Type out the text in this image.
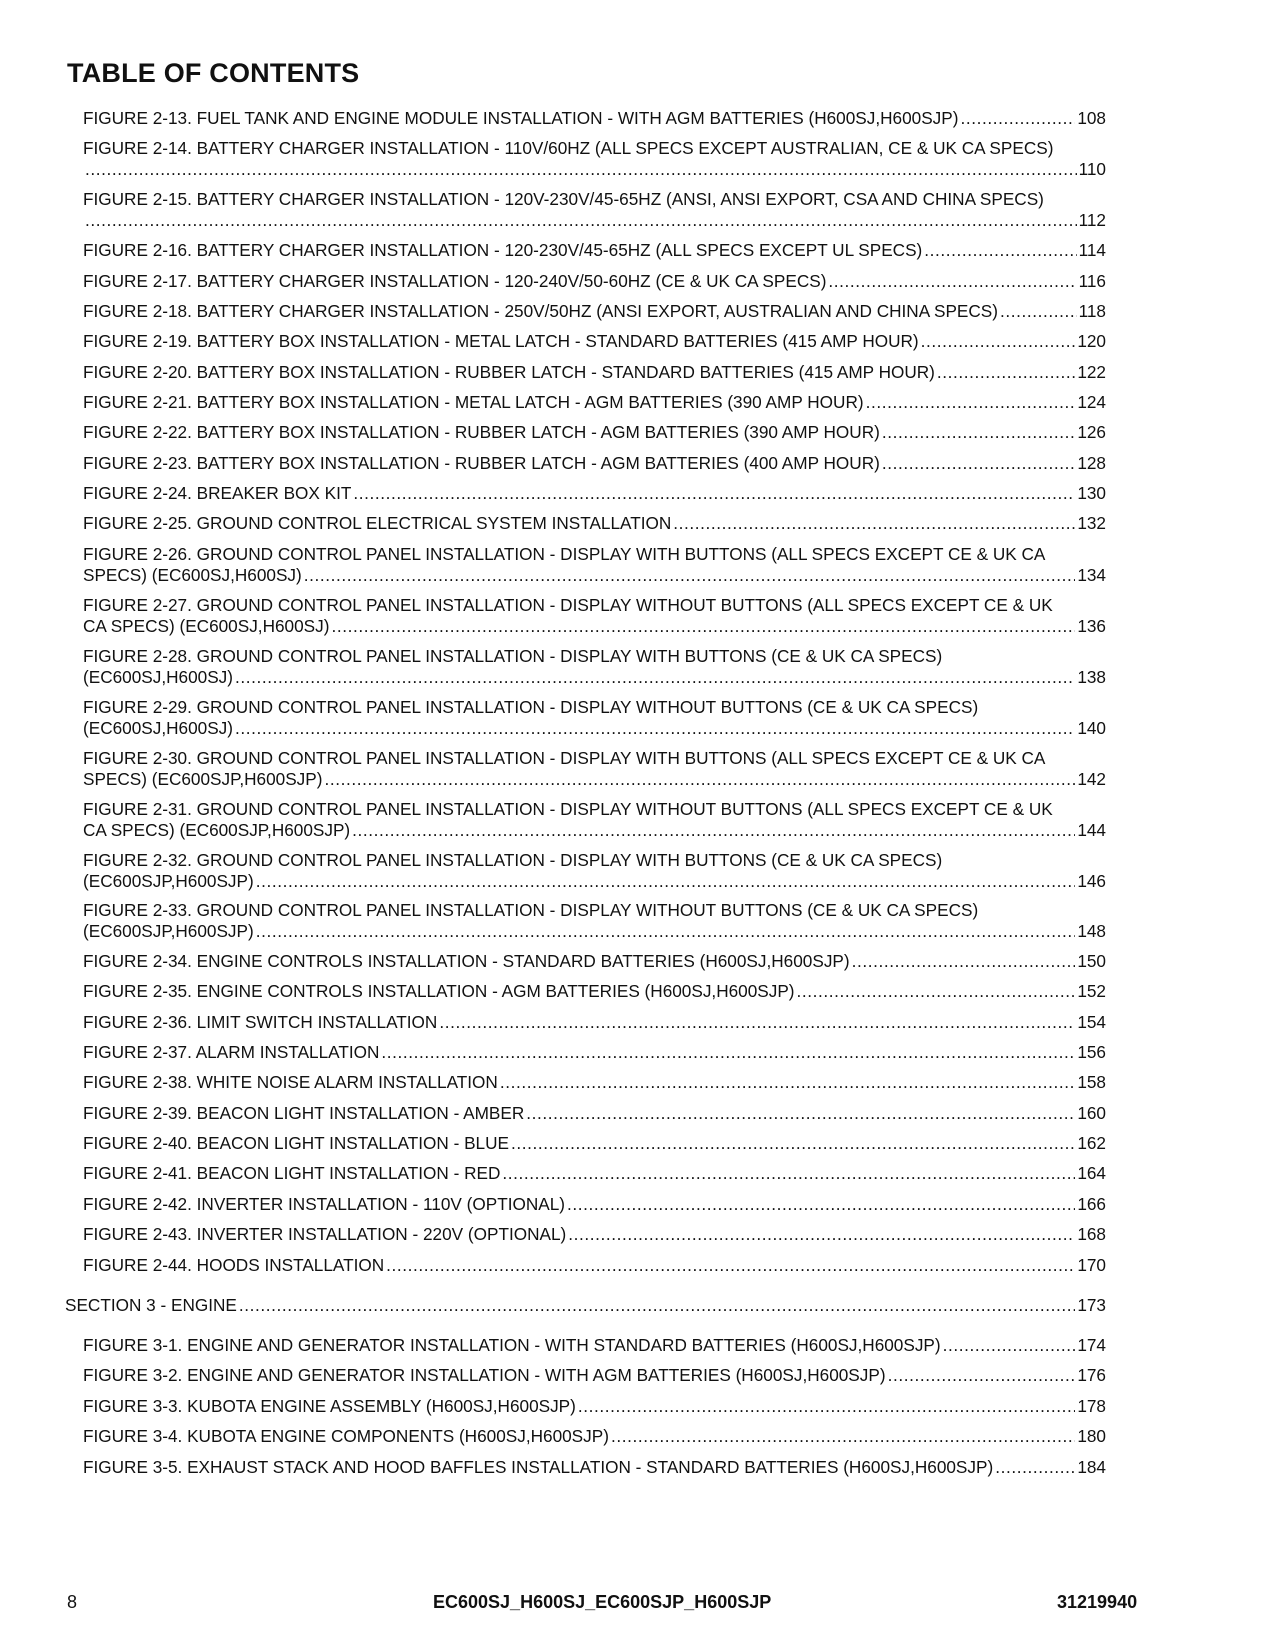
TABLE OF CONTENTS
FIGURE 2-13. FUEL TANK AND ENGINE MODULE INSTALLATION - WITH AGM BATTERIES (H600SJ,H600SJP) .....	108
FIGURE 2-14. BATTERY CHARGER INSTALLATION - 110V/60HZ (ALL SPECS EXCEPT AUSTRALIAN, CE & UK CA SPECS)
.....
110
FIGURE 2-15. BATTERY CHARGER INSTALLATION - 120V-230V/45-65HZ (ANSI, ANSI EXPORT, CSA AND CHINA SPECS)
.....
112
FIGURE 2-16. BATTERY CHARGER INSTALLATION - 120-230V/45-65HZ (ALL SPECS EXCEPT UL SPECS) .....	114
FIGURE 2-17. BATTERY CHARGER INSTALLATION - 120-240V/50-60HZ (CE & UK CA SPECS) .....	116
FIGURE 2-18. BATTERY CHARGER INSTALLATION - 250V/50HZ (ANSI EXPORT, AUSTRALIAN AND CHINA SPECS) .....	118
FIGURE 2-19. BATTERY BOX INSTALLATION - METAL LATCH - STANDARD BATTERIES (415 AMP HOUR) .....	120
FIGURE 2-20. BATTERY BOX INSTALLATION - RUBBER LATCH - STANDARD BATTERIES (415 AMP HOUR) .....	122
FIGURE 2-21. BATTERY BOX INSTALLATION - METAL LATCH - AGM BATTERIES (390 AMP HOUR) .....	124
FIGURE 2-22. BATTERY BOX INSTALLATION - RUBBER LATCH - AGM BATTERIES (390 AMP HOUR) .....	126
FIGURE 2-23. BATTERY BOX INSTALLATION - RUBBER LATCH - AGM BATTERIES (400 AMP HOUR) .....	128
FIGURE 2-24. BREAKER BOX KIT .....	130
FIGURE 2-25. GROUND CONTROL ELECTRICAL SYSTEM INSTALLATION .....	132
FIGURE 2-26. GROUND CONTROL PANEL INSTALLATION - DISPLAY WITH BUTTONS (ALL SPECS EXCEPT CE & UK CA
SPECS) (EC600SJ,H600SJ) .....	134
FIGURE 2-27. GROUND CONTROL PANEL INSTALLATION - DISPLAY WITHOUT BUTTONS (ALL SPECS EXCEPT CE & UK
CA SPECS) (EC600SJ,H600SJ) .....	136
FIGURE 2-28. GROUND CONTROL PANEL INSTALLATION - DISPLAY WITH BUTTONS (CE & UK CA SPECS)
(EC600SJ,H600SJ) .....	138
FIGURE 2-29. GROUND CONTROL PANEL INSTALLATION - DISPLAY WITHOUT BUTTONS (CE & UK CA SPECS)
(EC600SJ,H600SJ) .....	140
FIGURE 2-30. GROUND CONTROL PANEL INSTALLATION - DISPLAY WITH BUTTONS (ALL SPECS EXCEPT CE & UK CA
SPECS) (EC600SJP,H600SJP) .....	142
FIGURE 2-31. GROUND CONTROL PANEL INSTALLATION - DISPLAY WITHOUT BUTTONS (ALL SPECS EXCEPT CE & UK
CA SPECS) (EC600SJP,H600SJP) .....	144
FIGURE 2-32. GROUND CONTROL PANEL INSTALLATION - DISPLAY WITH BUTTONS (CE & UK CA SPECS)
(EC600SJP,H600SJP) .....	146
FIGURE 2-33. GROUND CONTROL PANEL INSTALLATION - DISPLAY WITHOUT BUTTONS (CE & UK CA SPECS)
(EC600SJP,H600SJP) .....	148
FIGURE 2-34. ENGINE CONTROLS INSTALLATION - STANDARD BATTERIES (H600SJ,H600SJP) .....	150
FIGURE 2-35. ENGINE CONTROLS INSTALLATION - AGM BATTERIES (H600SJ,H600SJP) .....	152
FIGURE 2-36. LIMIT SWITCH INSTALLATION .....	154
FIGURE 2-37. ALARM INSTALLATION .....	156
FIGURE 2-38. WHITE NOISE ALARM INSTALLATION .....	158
FIGURE 2-39. BEACON LIGHT INSTALLATION - AMBER .....	160
FIGURE 2-40. BEACON LIGHT INSTALLATION - BLUE .....	162
FIGURE 2-41. BEACON LIGHT INSTALLATION - RED .....	164
FIGURE 2-42. INVERTER INSTALLATION - 110V (OPTIONAL) .....	166
FIGURE 2-43. INVERTER INSTALLATION - 220V (OPTIONAL) .....	168
FIGURE 2-44. HOODS INSTALLATION .....	170
SECTION 3 - ENGINE .....	173
FIGURE 3-1. ENGINE AND GENERATOR INSTALLATION - WITH STANDARD BATTERIES (H600SJ,H600SJP) .....	174
FIGURE 3-2. ENGINE AND GENERATOR INSTALLATION - WITH AGM BATTERIES (H600SJ,H600SJP) .....	176
FIGURE 3-3. KUBOTA ENGINE ASSEMBLY (H600SJ,H600SJP) .....	178
FIGURE 3-4. KUBOTA ENGINE COMPONENTS (H600SJ,H600SJP) .....	180
FIGURE 3-5. EXHAUST STACK AND HOOD BAFFLES INSTALLATION - STANDARD BATTERIES (H600SJ,H600SJP) .....	184
8	EC600SJ_H600SJ_EC600SJP_H600SJP	31219940
